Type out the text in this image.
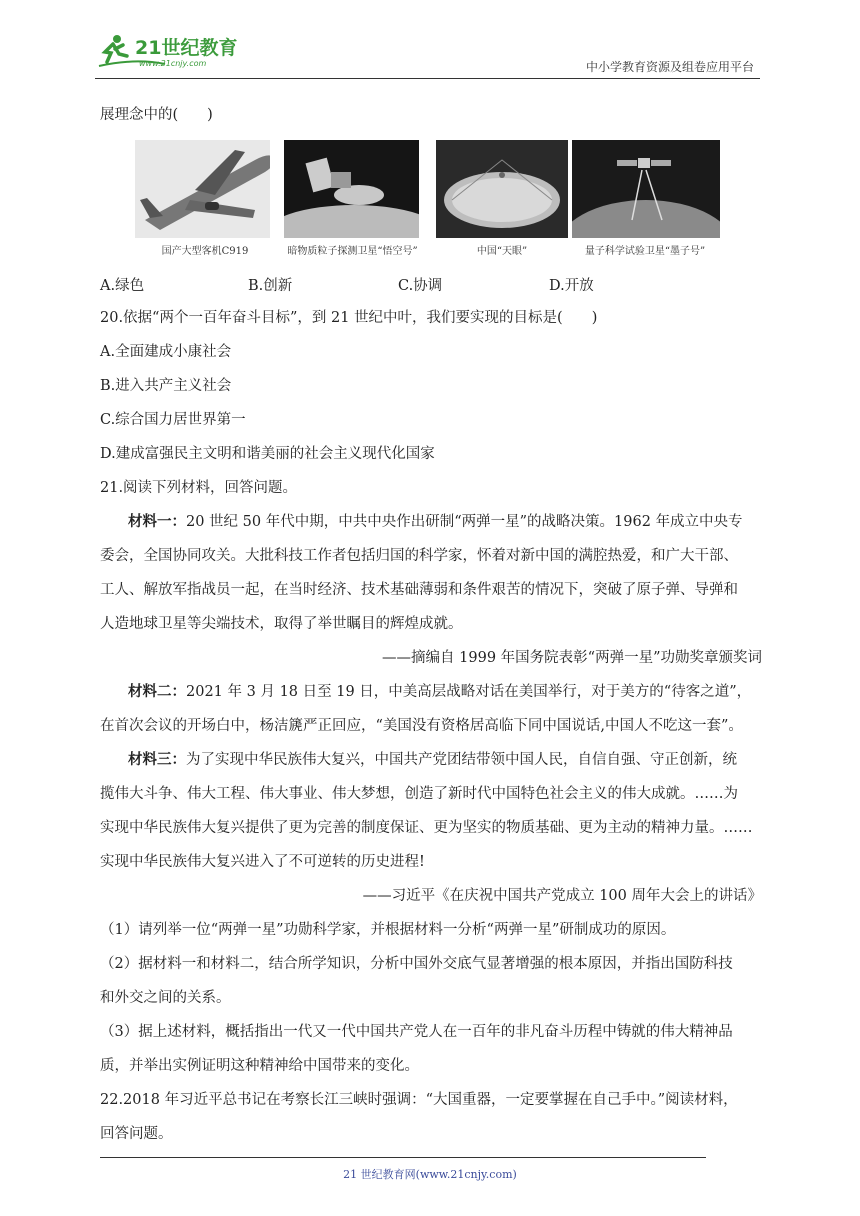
21世纪教育
www.21cnjy.com	中小学教育资源及组卷应用平台
展理念中的(　　)
国产大型客机C919	暗物质粒子探测卫星“悟空号”	中国“天眼”	量子科学试验卫星“墨子号”
A.绿色	B.创新	C.协调	D.开放
20.依据“两个一百年奋斗目标”，到 21 世纪中叶，我们要实现的目标是(　　)
A.全面建成小康社会
B.进入共产主义社会
C.综合国力居世界第一
D.建成富强民主文明和谐美丽的社会主义现代化国家
21.阅读下列材料，回答问题。
材料一：20 世纪 50 年代中期，中共中央作出研制“两弹一星”的战略决策。1962 年成立中央专
委会，全国协同攻关。大批科技工作者包括归国的科学家，怀着对新中国的满腔热爱，和广大干部、
工人、解放军指战员一起，在当时经济、技术基础薄弱和条件艰苦的情况下，突破了原子弹、导弹和
人造地球卫星等尖端技术，取得了举世瞩目的辉煌成就。
——摘编自 1999 年国务院表彰“两弹一星”功勋奖章颁奖词
材料二：2021 年 3 月 18 日至 19 日，中美高层战略对话在美国举行，对于美方的“待客之道”，
在首次会议的开场白中，杨洁篪严正回应，“美国没有资格居高临下同中国说话,中国人不吃这一套”。
材料三：为了实现中华民族伟大复兴，中国共产党团结带领中国人民，自信自强、守正创新，统
揽伟大斗争、伟大工程、伟大事业、伟大梦想，创造了新时代中国特色社会主义的伟大成就。……为
实现中华民族伟大复兴提供了更为完善的制度保证、更为坚实的物质基础、更为主动的精神力量。……
实现中华民族伟大复兴进入了不可逆转的历史进程!
——习近平《在庆祝中国共产党成立 100 周年大会上的讲话》
（1）请列举一位“两弹一星”功勋科学家，并根据材料一分析“两弹一星”研制成功的原因。
（2）据材料一和材料二，结合所学知识，分析中国外交底气显著增强的根本原因，并指出国防科技
和外交之间的关系。
（3）据上述材料，概括指出一代又一代中国共产党人在一百年的非凡奋斗历程中铸就的伟大精神品
质，并举出实例证明这种精神给中国带来的变化。
22.2018 年习近平总书记在考察长江三峡时强调：“大国重器，一定要掌握在自己手中。”阅读材料，
回答问题。
21 世纪教育网(www.21cnjy.com)
